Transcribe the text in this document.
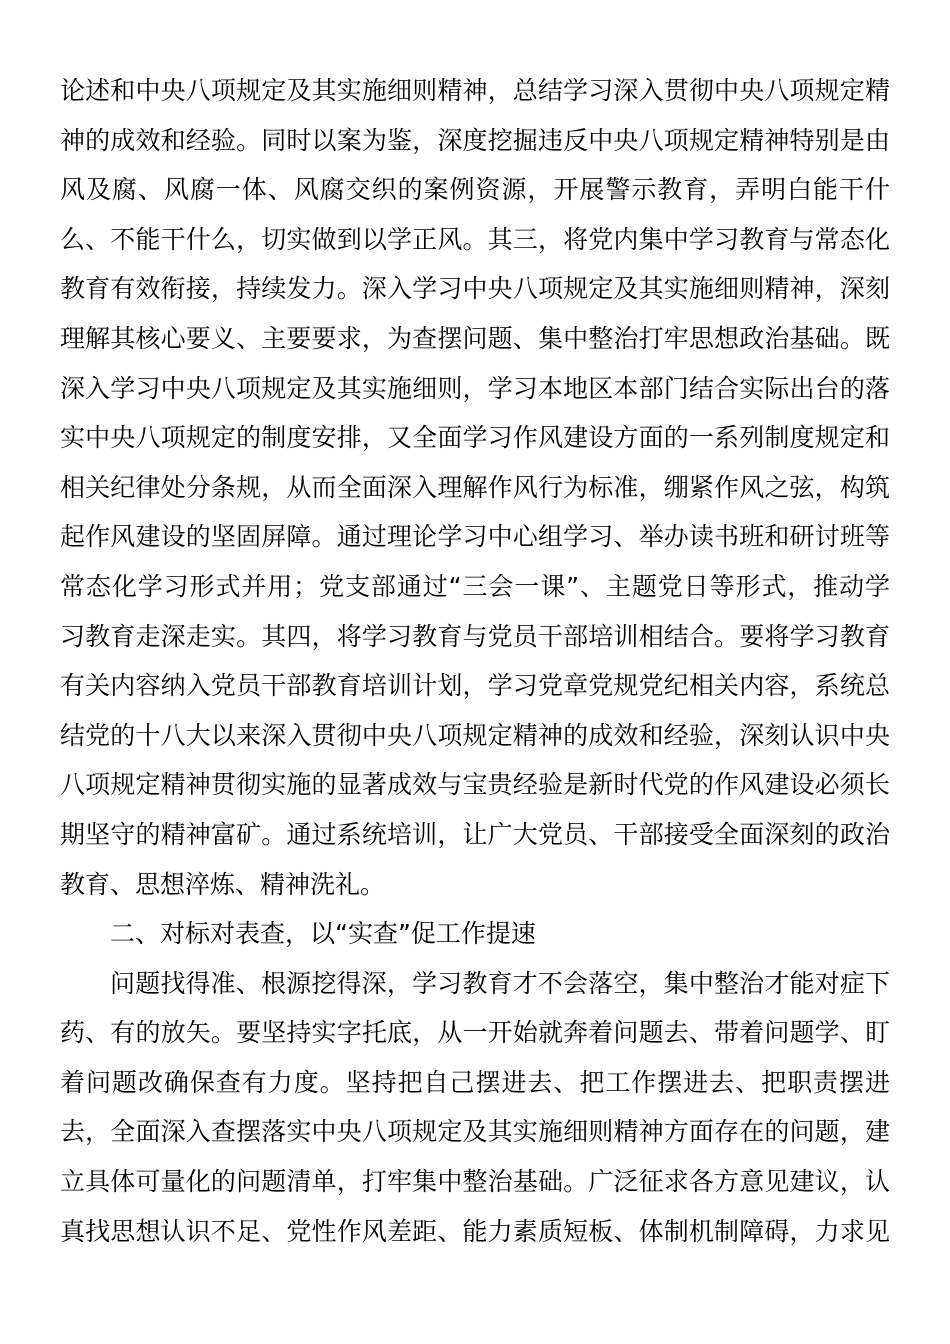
论述和中央八项规定及其实施细则精神，总结学习深入贯彻中央八项规定精
神的成效和经验。同时以案为鉴，深度挖掘违反中央八项规定精神特别是由
风及腐、风腐一体、风腐交织的案例资源，开展警示教育，弄明白能干什
么、不能干什么，切实做到以学正风。其三，将党内集中学习教育与常态化
教育有效衔接，持续发力。深入学习中央八项规定及其实施细则精神，深刻
理解其核心要义、主要要求，为查摆问题、集中整治打牢思想政治基础。既
深入学习中央八项规定及其实施细则，学习本地区本部门结合实际出台的落
实中央八项规定的制度安排，又全面学习作风建设方面的一系列制度规定和
相关纪律处分条规，从而全面深入理解作风行为标准，绷紧作风之弦，构筑
起作风建设的坚固屏障。通过理论学习中心组学习、举办读书班和研讨班等
常态化学习形式并用；党支部通过“三会一课”、主题党日等形式，推动学
习教育走深走实。其四，将学习教育与党员干部培训相结合。要将学习教育
有关内容纳入党员干部教育培训计划，学习党章党规党纪相关内容，系统总
结党的十八大以来深入贯彻中央八项规定精神的成效和经验，深刻认识中央
八项规定精神贯彻实施的显著成效与宝贵经验是新时代党的作风建设必须长
期坚守的精神富矿。通过系统培训，让广大党员、干部接受全面深刻的政治
教育、思想淬炼、精神洗礼。
二、对标对表查，以“实查”促工作提速
问题找得准、根源挖得深，学习教育才不会落空，集中整治才能对症下
药、有的放矢。要坚持实字托底，从一开始就奔着问题去、带着问题学、盯
着问题改确保查有力度。坚持把自己摆进去、把工作摆进去、把职责摆进
去，全面深入查摆落实中央八项规定及其实施细则精神方面存在的问题，建
立具体可量化的问题清单，打牢集中整治基础。广泛征求各方意见建议，认
真找思想认识不足、党性作风差距、能力素质短板、体制机制障碍，力求见
